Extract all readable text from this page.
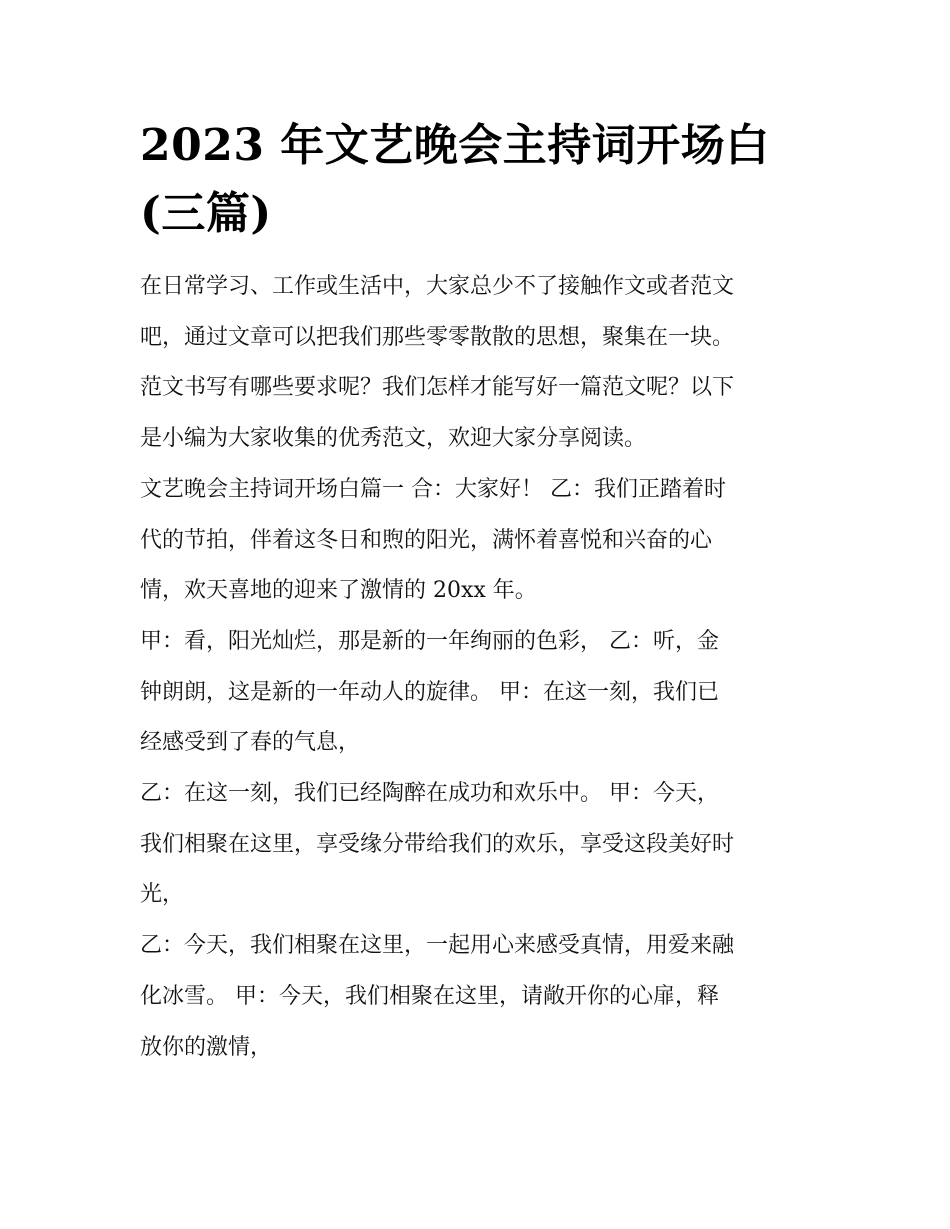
2023 年文艺晚会主持词开场白
(三篇)

在日常学习、工作或生活中，大家总少不了接触作文或者范文
吧，通过文章可以把我们那些零零散散的思想，聚集在一块。
范文书写有哪些要求呢？我们怎样才能写好一篇范文呢？以下
是小编为大家收集的优秀范文，欢迎大家分享阅读。

文艺晚会主持词开场白篇一 合：大家好！ 乙：我们正踏着时
代的节拍，伴着这冬日和煦的阳光，满怀着喜悦和兴奋的心
情，欢天喜地的迎来了激情的 20xx 年。

甲：看，阳光灿烂，那是新的一年绚丽的色彩， 乙：听，金
钟朗朗，这是新的一年动人的旋律。 甲：在这一刻，我们已
经感受到了春的气息，

乙：在这一刻，我们已经陶醉在成功和欢乐中。 甲：今天，
我们相聚在这里，享受缘分带给我们的欢乐，享受这段美好时
光，

乙：今天，我们相聚在这里，一起用心来感受真情，用爱来融
化冰雪。 甲：今天，我们相聚在这里，请敞开你的心扉，释
放你的激情，
